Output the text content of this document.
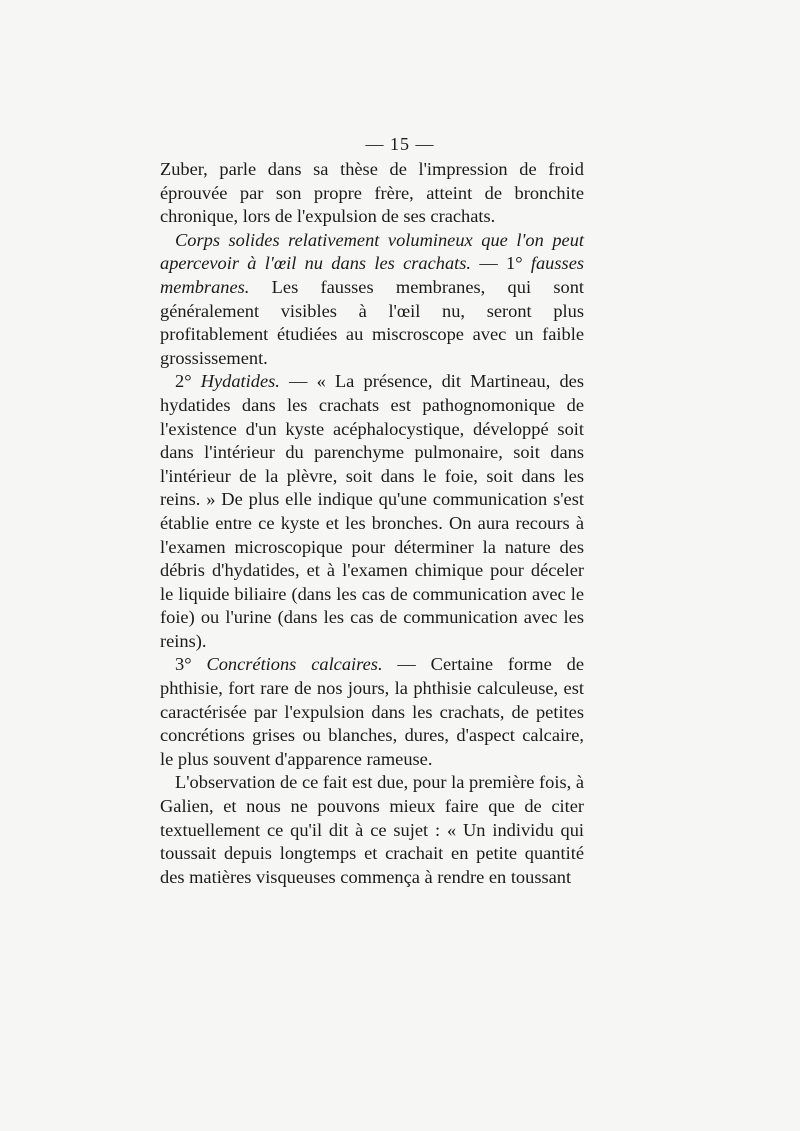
— 15 —

Zuber, parle dans sa thèse de l'impression de froid éprouvée par son propre frère, atteint de bronchite chronique, lors de l'expulsion de ses crachats.

Corps solides relativement volumineux que l'on peut apercevoir à l'œil nu dans les crachats. — 1° fausses membranes. Les fausses membranes, qui sont généralement visibles à l'œil nu, seront plus profitablement étudiées au miscroscope avec un faible grossissement.

2° Hydatides. — « La présence, dit Martineau, des hydatides dans les crachats est pathognomonique de l'existence d'un kyste acéphalocystique, développé soit dans l'intérieur du parenchyme pulmonaire, soit dans l'intérieur de la plèvre, soit dans le foie, soit dans les reins. » De plus elle indique qu'une communication s'est établie entre ce kyste et les bronches. On aura recours à l'examen microscopique pour déterminer la nature des débris d'hydatides, et à l'examen chimique pour déceler le liquide biliaire (dans les cas de communication avec le foie) ou l'urine (dans les cas de communication avec les reins).

3° Concrétions calcaires. — Certaine forme de phthisie, fort rare de nos jours, la phthisie calculeuse, est caractérisée par l'expulsion dans les crachats, de petites concrétions grises ou blanches, dures, d'aspect calcaire, le plus souvent d'apparence rameuse.

L'observation de ce fait est due, pour la première fois, à Galien, et nous ne pouvons mieux faire que de citer textuellement ce qu'il dit à ce sujet : « Un individu qui toussait depuis longtemps et crachait en petite quantité des matières visqueuses commença à rendre en toussant
